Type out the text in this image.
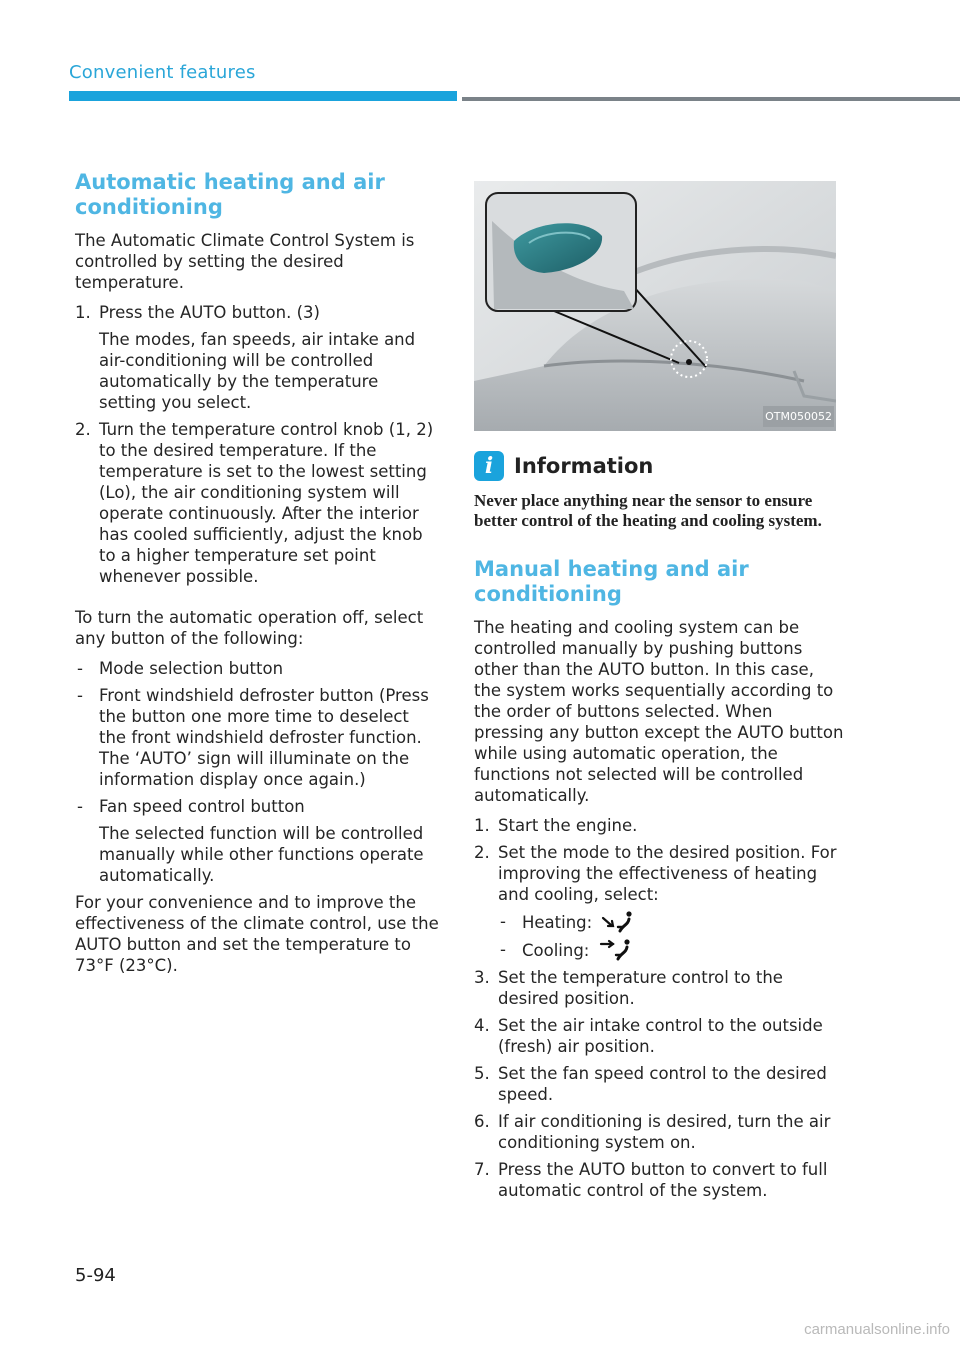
Convenient features
Automatic heating and air conditioning

The Automatic Climate Control System is controlled by setting the desired temperature.

1. Press the AUTO button. (3)
The modes, fan speeds, air intake and air-conditioning will be controlled automatically by the temperature setting you select.
2. Turn the temperature control knob (1, 2) to the desired temperature. If the temperature is set to the lowest setting (Lo), the air conditioning system will operate continuously. After the interior has cooled sufficiently, adjust the knob to a higher temperature set point whenever possible.

To turn the automatic operation off, select any button of the following:

- Mode selection button
- Front windshield defroster button (Press the button one more time to deselect the front windshield defroster function. The ‘AUTO’ sign will illuminate on the information display once again.)
- Fan speed control button
The selected function will be controlled manually while other functions operate automatically.

For your convenience and to improve the effectiveness of the climate control, use the AUTO button and set the temperature to 73°F (23°C).

OTM050052
i Information

Never place anything near the sensor to ensure better control of the heating and cooling system.

Manual heating and air conditioning

The heating and cooling system can be controlled manually by pushing buttons other than the AUTO button. In this case, the system works sequentially according to the order of buttons selected. When pressing any button except the AUTO button while using automatic operation, the functions not selected will be controlled automatically.

1. Start the engine.
2. Set the mode to the desired position. For improving the effectiveness of heating and cooling, select:
- Heating:
- Cooling:
3. Set the temperature control to the desired position.
4. Set the air intake control to the outside (fresh) air position.
5. Set the fan speed control to the desired speed.
6. If air conditioning is desired, turn the air conditioning system on.
7. Press the AUTO button to convert to full automatic control of the system.
5-94
carmanualsonline.info
